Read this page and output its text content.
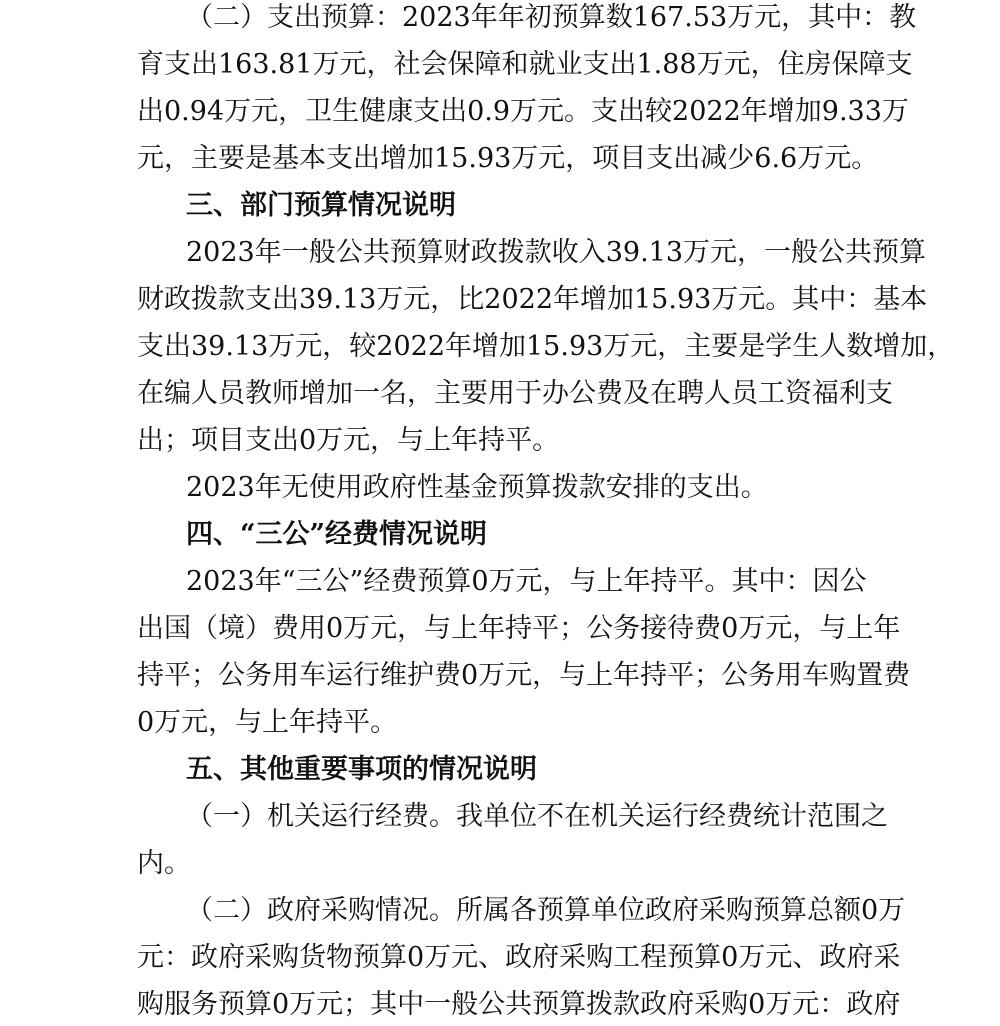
（二）支出预算：2023年年初预算数167.53万元，其中：教
育支出163.81万元，社会保障和就业支出1.88万元，住房保障支
出0.94万元，卫生健康支出0.9万元。支出较2022年增加9.33万
元，主要是基本支出增加15.93万元，项目支出减少6.6万元。
三、部门预算情况说明
2023年一般公共预算财政拨款收入39.13万元，一般公共预算
财政拨款支出39.13万元，比2022年增加15.93万元。其中：基本
支出39.13万元，较2022年增加15.93万元，主要是学生人数增加，
在编人员教师增加一名，主要用于办公费及在聘人员工资福利支
出；项目支出0万元，与上年持平。
2023年无使用政府性基金预算拨款安排的支出。
四、“三公”经费情况说明
2023年“三公”经费预算0万元，与上年持平。其中：因公
出国（境）费用0万元，与上年持平；公务接待费0万元，与上年
持平；公务用车运行维护费0万元，与上年持平；公务用车购置费
0万元，与上年持平。
五、其他重要事项的情况说明
（一）机关运行经费。我单位不在机关运行经费统计范围之
内。
（二）政府采购情况。所属各预算单位政府采购预算总额0万
元：政府采购货物预算0万元、政府采购工程预算0万元、政府采
购服务预算0万元；其中一般公共预算拨款政府采购0万元：政府
